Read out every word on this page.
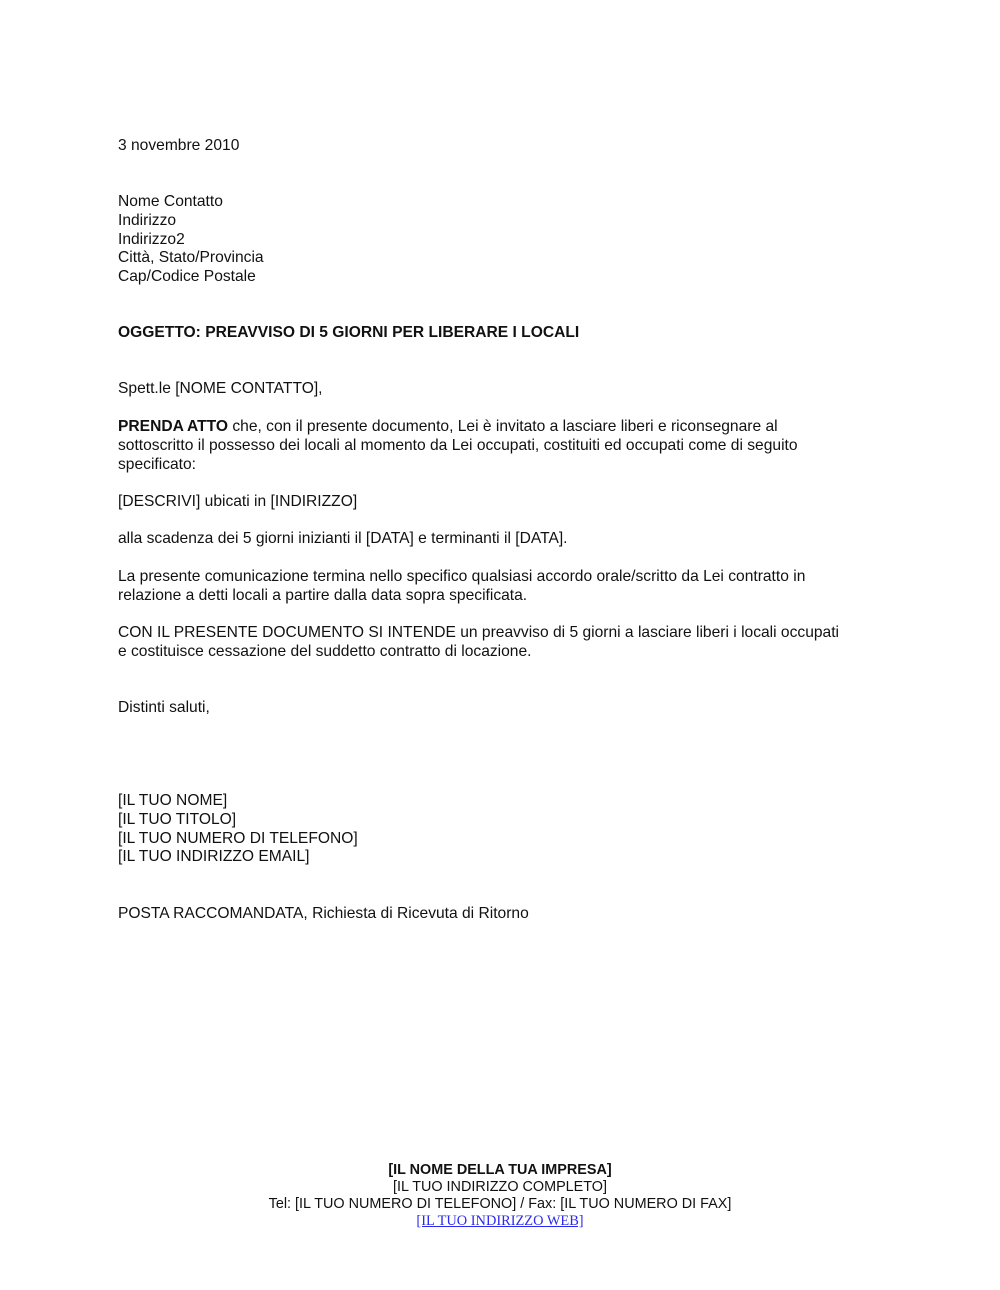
3 novembre 2010

Nome Contatto

Indirizzo

Indirizzo2

Città, Stato/Provincia

Cap/Codice Postale

OGGETTO: PREAVVISO DI 5 GIORNI PER LIBERARE I LOCALI
Spett.le [NOME CONTATTO],

PRENDA ATTO che, con il presente documento, Lei è invitato a lasciare liberi e riconsegnare al

sottoscritto il possesso dei locali al momento da Lei occupati, costituiti ed occupati come di seguito

specificato:

[DESCRIVI] ubicati in [INDIRIZZO]
alla scadenza dei 5 giorni inizianti il [DATA] e terminanti il [DATA].

La presente comunicazione termina nello specifico qualsiasi accordo orale/scritto da Lei contratto in

relazione a detti locali a partire dalla data sopra specificata.

CON IL PRESENTE DOCUMENTO SI INTENDE un preavviso di 5 giorni a lasciare liberi i locali occupati

e costituisce cessazione del suddetto contratto di locazione.

Distinti saluti,

[IL TUO NOME]

[IL TUO TITOLO]

[IL TUO NUMERO DI TELEFONO]

[IL TUO INDIRIZZO EMAIL]

POSTA RACCOMANDATA, Richiesta di Ricevuta di Ritorno

[IL NOME DELLA TUA IMPRESA]

[IL TUO INDIRIZZO COMPLETO]

Tel: [IL TUO NUMERO DI TELEFONO] / Fax: [IL TUO NUMERO DI FAX]

[IL TUO INDIRIZZO WEB]
